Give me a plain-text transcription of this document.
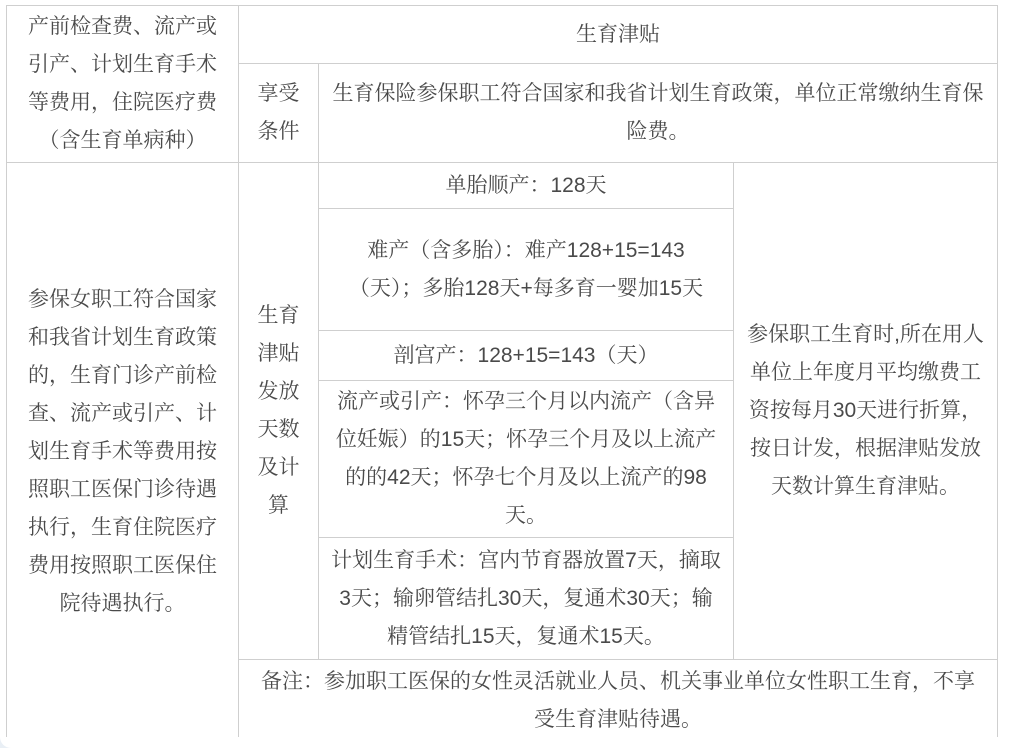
产前检查费、流产或引产、计划生育手术等费用，住院医疗费（含生育单病种）	生育津贴		
	享受条件	生育保险参保职工符合国家和我省计划生育政策，单位正常缴纳生育保险费。	
参保女职工符合国家和我省计划生育政策的，生育门诊产前检查、流产或引产、计划生育手术等费用按照职工医保门诊待遇执行，生育住院医疗费用按照职工医保住院待遇执行。	生育津贴发放天数及计算	单胎顺产：128天	参保职工生育时,所在用人单位上年度月平均缴费工资按每月30天进行折算，按日计发，根据津贴发放天数计算生育津贴。
		难产（含多胎）：难产128+15=143（天）；多胎128天+每多育一婴加15天	
		剖宫产：128+15=143（天）	
		流产或引产：怀孕三个月以内流产（含异位妊娠）的15天；怀孕三个月及以上流产的的42天；怀孕七个月及以上流产的98天。	
		计划生育手术：宫内节育器放置7天，摘取3天；输卵管结扎30天，复通术30天；输精管结扎15天，复通术15天。	
	备注：参加职工医保的女性灵活就业人员、机关事业单位女性职工生育，不享受生育津贴待遇。		
